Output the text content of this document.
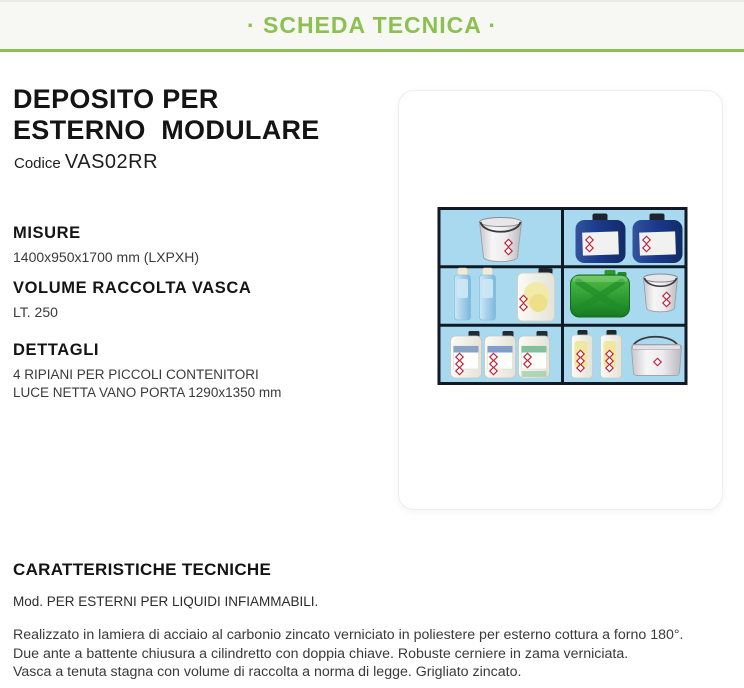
· SCHEDA TECNICA ·
DEPOSITO PER
ESTERNO  MODULARE
Codice VAS02RR
MISURE

1400x950x1700 mm (LXPXH)

VOLUME RACCOLTA VASCA

LT. 250

DETTAGLI

4 RIPIANI PER PICCOLI CONTENITORI

LUCE NETTA VANO PORTA 1290x1350 mm

CARATTERISTICHE TECNICHE

Mod. PER ESTERNI PER LIQUIDI INFIAMMABILI.

Realizzato in lamiera di acciaio al carbonio zincato verniciato in poliestere per esterno cottura a forno 180°.

Due ante a battente chiusura a cilindretto con doppia chiave. Robuste cerniere in zama verniciata.

Vasca a tenuta stagna con volume di raccolta a norma di legge. Grigliato zincato.
